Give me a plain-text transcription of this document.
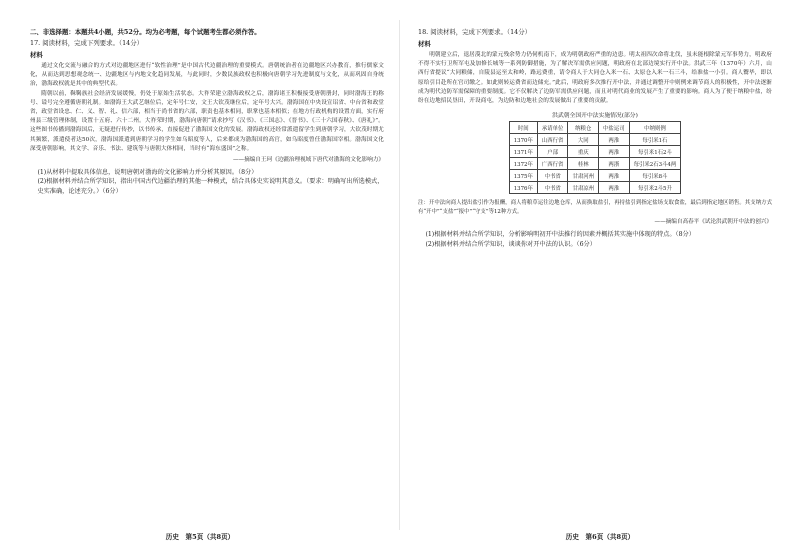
二、非选择题：本题共4小题，共52分。均为必考题，每个试题考生都必须作答。
17. 阅读材料，完成下列要求。（14分）
材料
通过文化交流与融合的方式对边疆地区进行“软性治理”是中国古代边疆治理的重要模式。唐朝统治者在边疆地区兴办教育，推行儒家文化，从而达到思想观念统一、边疆地区与内地文化趋同发展，与此同时，少数民族政权也积极向唐朝学习先进制度与文化，从而巩固自身统治，渤海政权就是其中的典型代表。
隋朝以前，靺鞨族社会经济发展缓慢，仍处于原始生活状态。大祚荣建立渤海政权之后，渤海诸王积极接受唐朝册封，同时渤海王的称号、谥号完全遵循唐朝礼制。如渤海王大武艺继位后，定年号仁安，文王大钦茂继位后，定年号大兴。渤海国在中央设宣诏省、中台省和政堂省，政堂省设忠、仁、义、智、礼、信六部，相当于尚书省的六部，职责也基本相同，职掌也基本相似；在地方行政机构的设置方面，实行府州县三级管理体制，设置十五府、六十二州。大祚荣时期，渤海向唐朝“请求抄写《汉书》、《三国志》、《晋书》、《三十六国春秋》、《唐礼》”。这些图书传播到渤海国后，无疑进行传抄，以书传承，直接促进了渤海国文化的发展。渤海政权还经常派遣留学生到唐朝学习，大钦茂时期尤其频繁，派遣使者达50次，渤海国派遣到唐朝学习的学生如乌昭度等人，后来都成为渤海国的高官，如乌昭度曾任渤海国宰相。渤海国文化深受唐朝影响，其文学、音乐、书法、建筑等与唐朝大体相同，当时有“海东盛国”之称。
——摘编自王珂《边疆治理视域下唐代对渤海的文化影响力》
(1)从材料中提取具体信息，说明唐朝对渤海的文化影响力并分析其原因。（8分）
(2)根据材料并结合所学知识，指出中国古代边疆治理的其他一种模式，结合具体史实说明其意义。（要求：明确写出所选模式，史实准确，论述充分。）（6分）
历史　第5页（共8页）
18. 阅读材料，完成下列要求。（14分）
材料
明朝建立后，退居漠北的蒙元残余势力仍伺机南下，成为明朝政府严重的边患。明太祖四次命将北伐，虽未能根除蒙元军事势力，明政府不得不实行卫所军屯及加修长城等一系列防御措施，为了解决军需供应问题，明政府在北部边境实行开中法。洪武三年（1370年）六月，山西行省提议“大同粮储，自陵县运至太和岭，路远费重，请令商人于大同仓入米一石、太原仓入米一石三斗，给准盐一小引。商人鬻毕，即以原给引目赴所在官司缴之。如此则转运费省而边储充。”此后，明政府多次推行开中法，并通过调整开中则例来调节商人的积极性，开中法逐渐成为明代边防军需保障的重要制度。它不仅解决了边防军需供应问题，而且对明代商业的发展产生了重要的影响。商人为了便于纳粮中盐，纷纷在边地招民垦田，开设商屯，为边防和边地社会的发展做出了重要的贡献。
洪武朝全国开中法实施情况(部分)
时间	承请单位	纳粮仓	中盐运司	中纳则例
1370年	山西行省	大同	两淮	每引米1石
1371年	户部	重庆	两淮	每引米1石2斗
1372年	广西行省	桂林	两浙	每引米2石3斗4两
1375年	中书省	甘肃河州	两淮	每引米8斗
1376年	中书省	甘肃凉州	两淮	每引米2斗5升
注：开中法向商人提出盐引作为报酬，商人将粮草运往边地仓库，从而换取盐引，再持盐引到指定盐场支取食盐，最后到指定地区销售。其支纳方式有“开中”“支盐”“报中”“守支”等12种方式。
——摘编自高春平《试论洪武朝开中法的创兴》
(1)根据材料并结合所学知识，分析影响明初开中法推行的因素并概括其实施中体现的特点。（8分）
(2)根据材料并结合所学知识，谈谈你对开中法的认识。（6分）
历史　第6页（共8页）
